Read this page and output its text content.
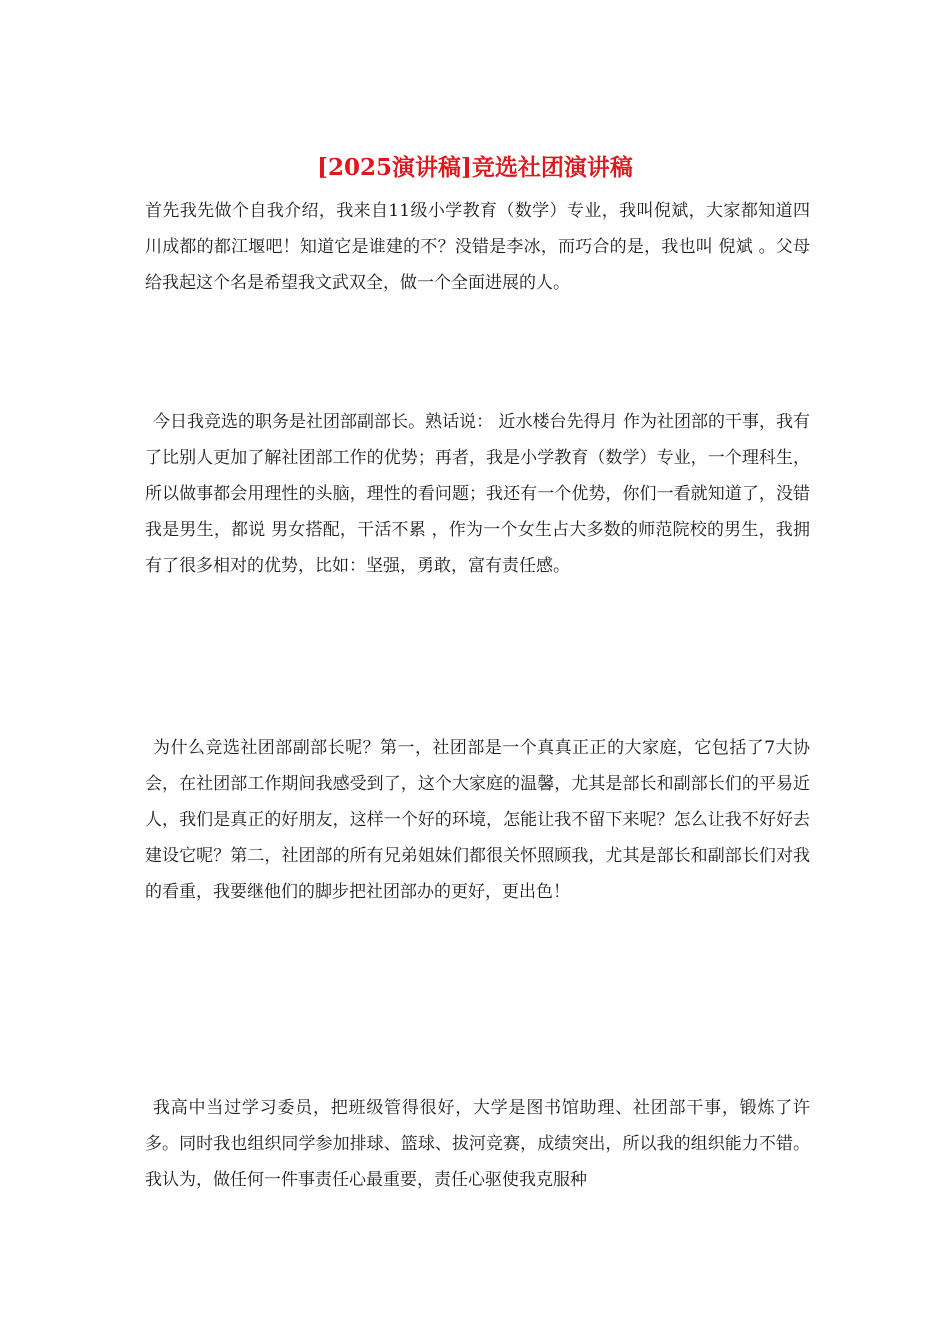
[2025演讲稿]竞选社团演讲稿

首先我先做个自我介绍，我来自11级小学教育（数学）专业，我叫倪斌，大家都知道四川成都的都江堰吧！知道它是谁建的不？没错是李冰，而巧合的是，我也叫 倪斌 。父母给我起这个名是希望我文武双全，做一个全面进展的人。

今日我竞选的职务是社团部副部长。熟话说： 近水楼台先得月 作为社团部的干事，我有了比别人更加了解社团部工作的优势；再者，我是小学教育（数学）专业，一个理科生，所以做事都会用理性的头脑，理性的看问题；我还有一个优势，你们一看就知道了，没错我是男生，都说 男女搭配，干活不累 ，作为一个女生占大多数的师范院校的男生，我拥有了很多相对的优势，比如：坚强，勇敢，富有责任感。

为什么竞选社团部副部长呢？第一，社团部是一个真真正正的大家庭，它包括了7大协会，在社团部工作期间我感受到了，这个大家庭的温馨，尤其是部长和副部长们的平易近人，我们是真正的好朋友，这样一个好的环境，怎能让我不留下来呢？怎么让我不好好去建设它呢？第二，社团部的所有兄弟姐妹们都很关怀照顾我，尤其是部长和副部长们对我的看重，我要继他们的脚步把社团部办的更好，更出色！

我高中当过学习委员，把班级管得很好，大学是图书馆助理、社团部干事，锻炼了许多。同时我也组织同学参加排球、篮球、拔河竞赛，成绩突出，所以我的组织能力不错。我认为，做任何一件事责任心最重要，责任心驱使我克服种
